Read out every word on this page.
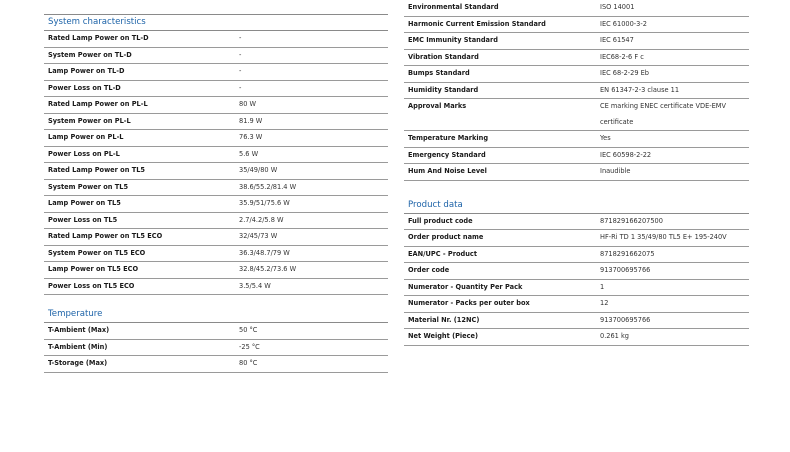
System characteristics
Rated Lamp Power on TL-D	-
System Power on TL-D	-
Lamp Power on TL-D	-
Power Loss on TL-D	-
Rated Lamp Power on PL-L	80 W
System Power on PL-L	81.9 W
Lamp Power on PL-L	76.3 W
Power Loss on PL-L	5.6 W
Rated Lamp Power on TL5	35/49/80 W
System Power on TL5	38.6/55.2/81.4 W
Lamp Power on TL5	35.9/51/75.6 W
Power Loss on TL5	2.7/4.2/5.8 W
Rated Lamp Power on TL5 ECO	32/45/73 W
System Power on TL5 ECO	36.3/48.7/79 W
Lamp Power on TL5 ECO	32.8/45.2/73.6 W
Power Loss on TL5 ECO	3.5/5.4 W
Temperature
T-Ambient (Max)	50 °C
T-Ambient (Min)	-25 °C
T-Storage (Max)	80 °C
Environmental Standard	ISO 14001
Harmonic Current Emission Standard	IEC 61000-3-2
EMC Immunity Standard	IEC 61547
Vibration Standard	IEC68-2-6 F c
Bumps Standard	IEC 68-2-29 Eb
Humidity Standard	EN 61347-2-3 clause 11
Approval Marks	CE marking ENEC certificate VDE-EMV certificate
Temperature Marking	Yes
Emergency Standard	IEC 60598-2-22
Hum And Noise Level	Inaudible
Product data
Full product code	871829166207500
Order product name	HF-Ri TD 1 35/49/80 TL5 E+ 195-240V
EAN/UPC - Product	8718291662075
Order code	913700695766
Numerator - Quantity Per Pack	1
Numerator - Packs per outer box	12
Material Nr. (12NC)	913700695766
Net Weight (Piece)	0.261 kg
